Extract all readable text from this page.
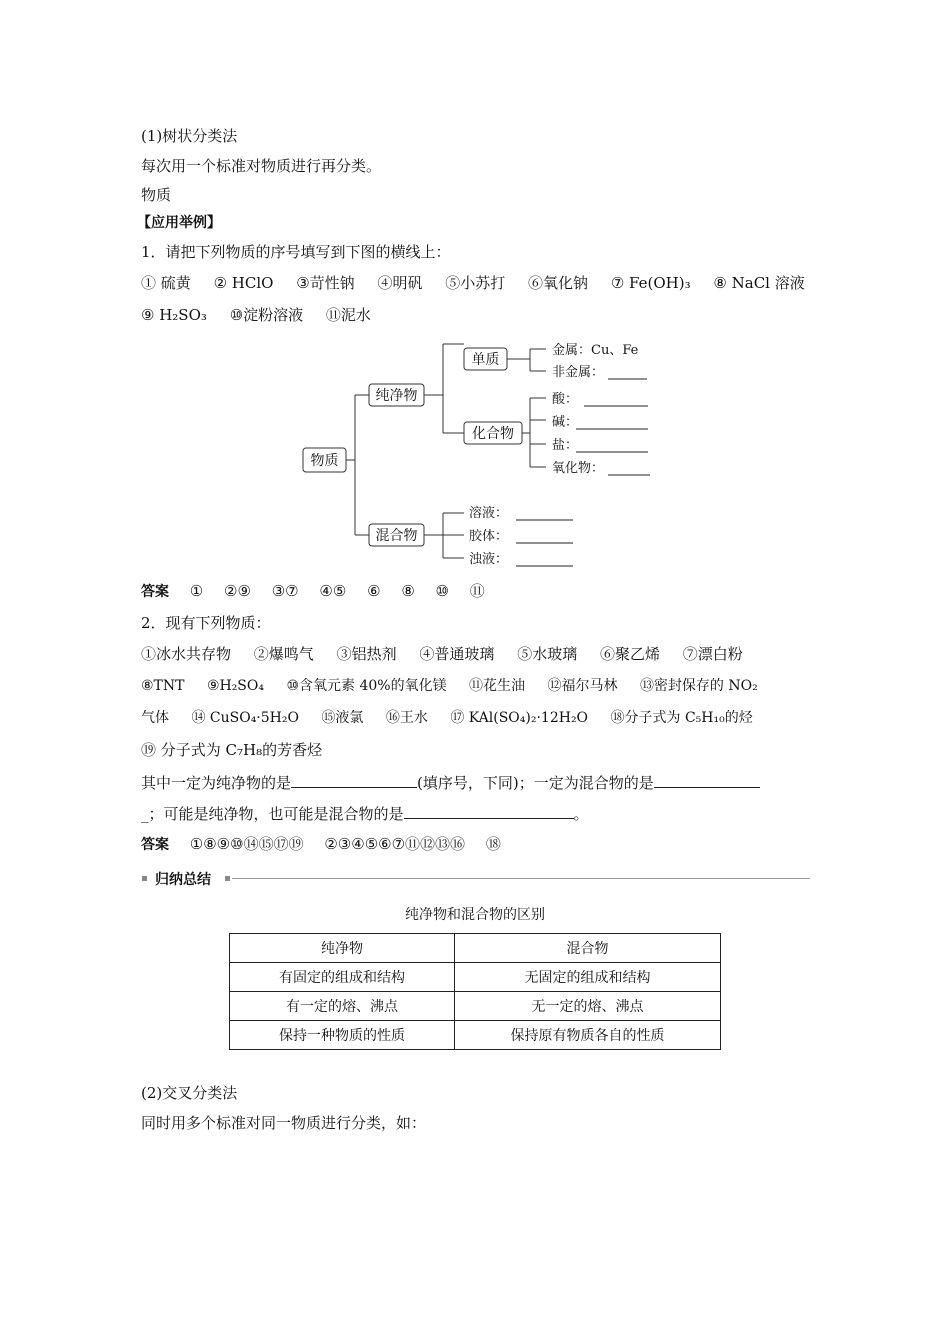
(1)树状分类法
每次用一个标准对物质进行再分类。
物质
【应用举例】
1．请把下列物质的序号填写到下图的横线上：
① 硫黄 ② HClO ③苛性钠 ④明矾 ⑤小苏打 ⑥氧化钠 ⑦ Fe(OH)₃ ⑧ NaCl 溶液
⑨ H₂SO₃ ⑩淀粉溶液 ⑪泥水
物质
纯净物
混合物
单质
化合物
金属：Cu、Fe
非金属：
酸：
碱：
盐：
氧化物：
溶液：
胶体：
浊液：
答案 ① ②⑨ ③⑦ ④⑤ ⑥ ⑧ ⑩ ⑪
2．现有下列物质：
①冰水共存物 ②爆鸣气 ③铝热剂 ④普通玻璃 ⑤水玻璃 ⑥聚乙烯 ⑦漂白粉
⑧TNT ⑨H₂SO₄ ⑩含氧元素 40%的氧化镁 ⑪花生油 ⑫福尔马林 ⑬密封保存的 NO₂
气体 ⑭ CuSO₄·5H₂O ⑮液氯 ⑯王水 ⑰ KAl(SO₄)₂·12H₂O ⑱分子式为 C₅H₁₀的烃
⑲ 分子式为 C₇H₈的芳香烃
其中一定为纯净物的是	(填序号，下同)；一定为混合物的是
_；可能是纯净物，也可能是混合物的是	。
答案 ①⑧⑨⑩⑭⑮⑰⑲ ②③④⑤⑥⑦⑪⑫⑬⑯ ⑱
归纳总结
纯净物和混合物的区别
纯净物	混合物
有固定的组成和结构	无固定的组成和结构
有一定的熔、沸点	无一定的熔、沸点
保持一种物质的性质	保持原有物质各自的性质
(2)交叉分类法
同时用多个标准对同一物质进行分类，如：
